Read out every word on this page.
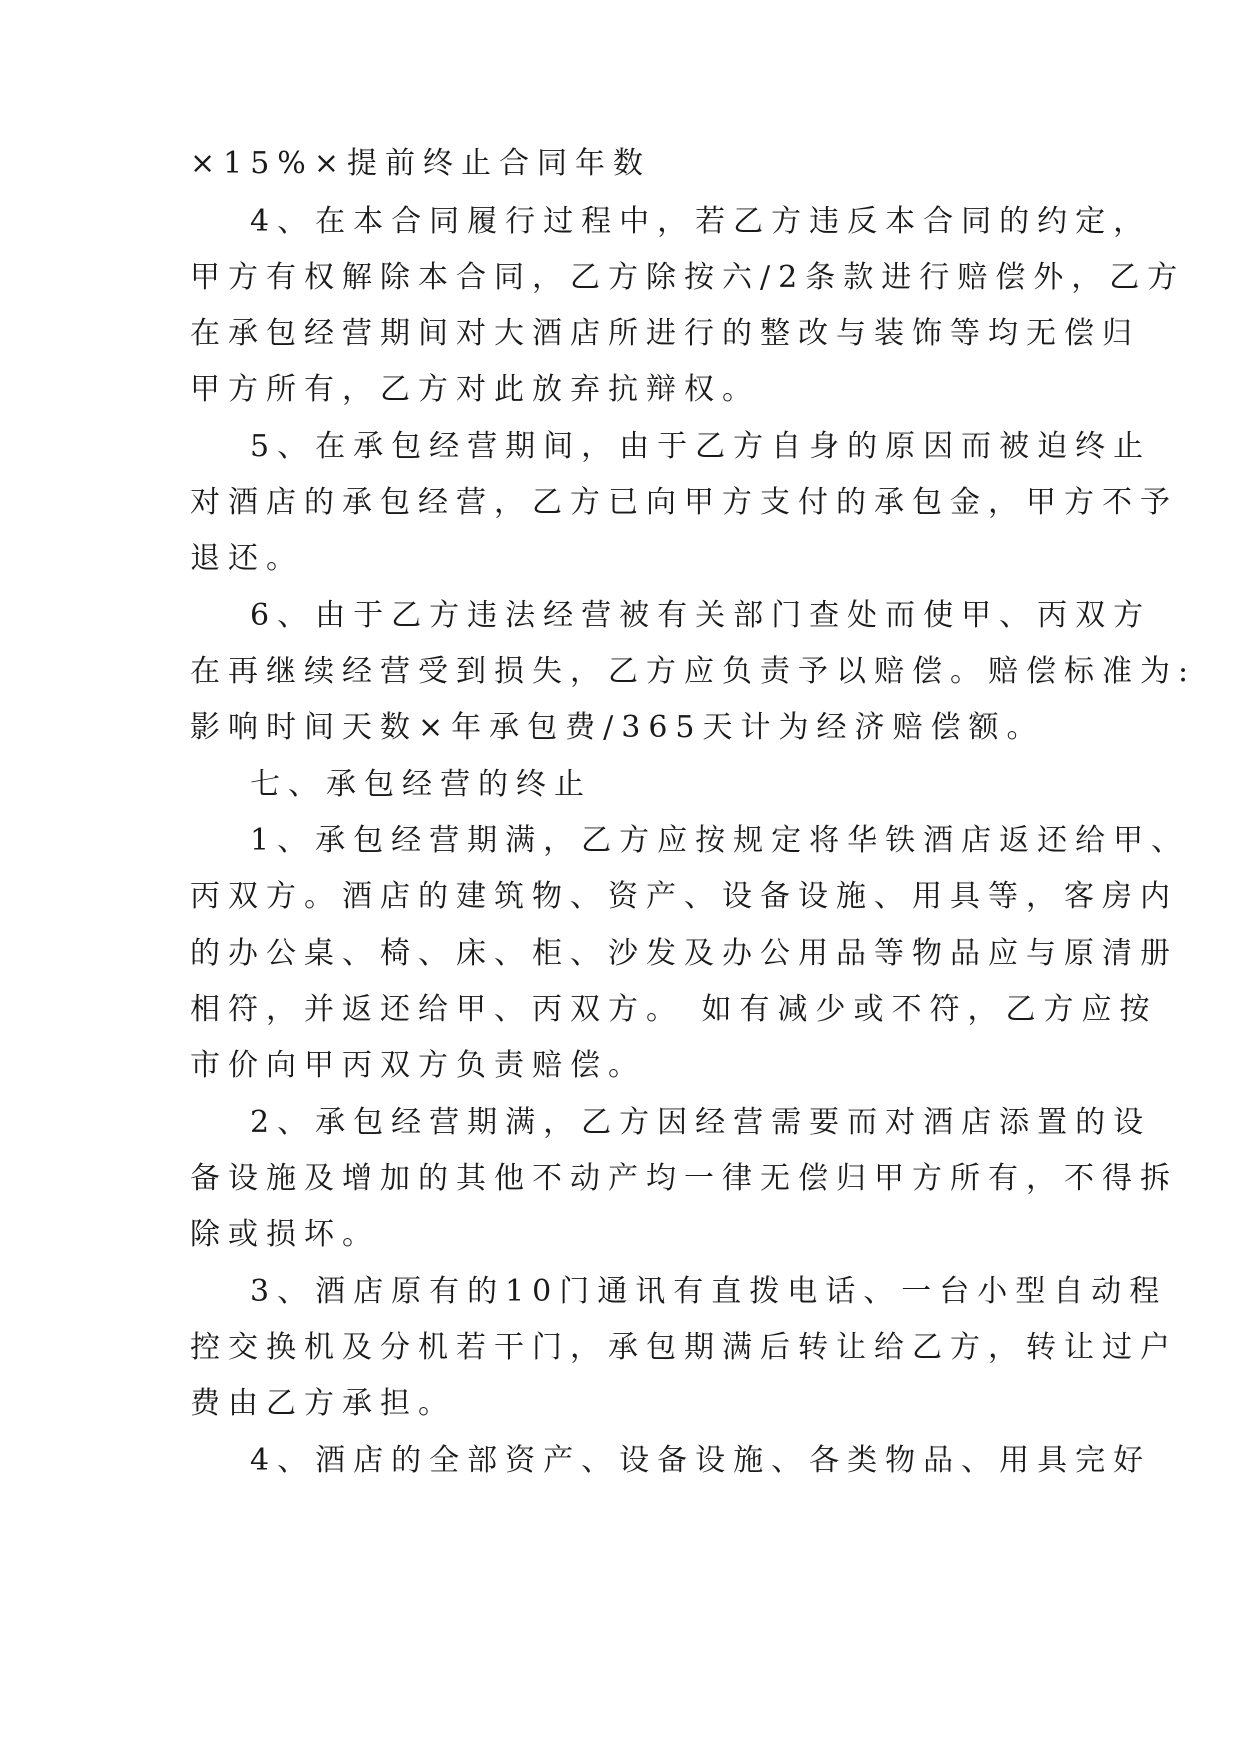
×15%×提前终止合同年数
4、在本合同履行过程中，若乙方违反本合同的约定，
甲方有权解除本合同，乙方除按六/2条款进行赔偿外，乙方
在承包经营期间对大酒店所进行的整改与装饰等均无偿归
甲方所有，乙方对此放弃抗辩权。
5、在承包经营期间，由于乙方自身的原因而被迫终止
对酒店的承包经营，乙方已向甲方支付的承包金，甲方不予
退还。
6、由于乙方违法经营被有关部门查处而使甲、丙双方
在再继续经营受到损失，乙方应负责予以赔偿。赔偿标准为:
影响时间天数×年承包费/365天计为经济赔偿额。
七、承包经营的终止
1、承包经营期满，乙方应按规定将华铁酒店返还给甲、
丙双方。酒店的建筑物、资产、设备设施、用具等，客房内
的办公桌、椅、床、柜、沙发及办公用品等物品应与原清册
相符，并返还给甲、丙双方。 如有减少或不符，乙方应按
市价向甲丙双方负责赔偿。
2、承包经营期满，乙方因经营需要而对酒店添置的设
备设施及增加的其他不动产均一律无偿归甲方所有，不得拆
除或损坏。
3、酒店原有的10门通讯有直拨电话、一台小型自动程
控交换机及分机若干门，承包期满后转让给乙方，转让过户
费由乙方承担。
4、酒店的全部资产、设备设施、各类物品、用具完好
